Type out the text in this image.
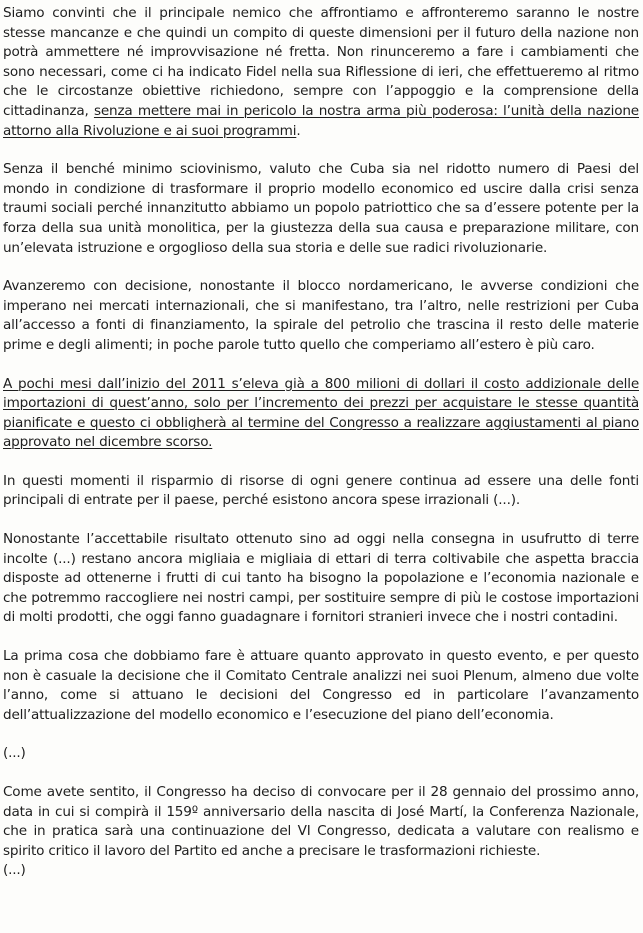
Siamo convinti che il principale nemico che affrontiamo e affronteremo saranno le nostre stesse mancanze e che quindi un compito di queste dimensioni per il futuro della nazione non potrà ammettere né improvvisazione né fretta. Non rinunceremo a fare i cambiamenti che sono necessari, come ci ha indicato Fidel nella sua Riflessione di ieri, che effettueremo al ritmo che le circostanze obiettive richiedono, sempre con l’appoggio e la comprensione della cittadinanza, senza mettere mai in pericolo la nostra arma più poderosa: l’unità della nazione attorno alla Rivoluzione e ai suoi programmi.

Senza il benché minimo sciovinismo, valuto che Cuba sia nel ridotto numero di Paesi del mondo in condizione di trasformare il proprio modello economico ed uscire dalla crisi senza traumi sociali perché innanzitutto abbiamo un popolo patriottico che sa d’essere potente per la forza della sua unità monolitica, per la giustezza della sua causa e preparazione militare, con un’elevata istruzione e orgoglioso della sua storia e delle sue radici rivoluzionarie.

Avanzeremo con decisione, nonostante il blocco nordamericano, le avverse condizioni che imperano nei mercati internazionali, che si manifestano, tra l’altro, nelle restrizioni per Cuba all’accesso a fonti di finanziamento, la spirale del petrolio che trascina il resto delle materie prime e degli alimenti; in poche parole tutto quello che comperiamo all’estero è più caro.

A pochi mesi dall’inizio del 2011 s’eleva già a 800 milioni di dollari il costo addizionale delle importazioni di quest’anno, solo per l’incremento dei prezzi per acquistare le stesse quantità pianificate e questo ci obbligherà al termine del Congresso a realizzare aggiustamenti al piano approvato nel dicembre scorso.

In questi momenti il risparmio di risorse di ogni genere continua ad essere una delle fonti principali di entrate per il paese, perché esistono ancora spese irrazionali (...).

Nonostante l’accettabile risultato ottenuto sino ad oggi nella consegna in usufrutto di terre incolte (...) restano ancora migliaia e migliaia di ettari di terra coltivabile che aspetta braccia disposte ad ottenerne i frutti di cui tanto ha bisogno la popolazione e l’economia nazionale e che potremmo raccogliere nei nostri campi, per sostituire sempre di più le costose importazioni di molti prodotti, che oggi fanno guadagnare i fornitori stranieri invece che i nostri contadini.

La prima cosa che dobbiamo fare è attuare quanto approvato in questo evento, e per questo non è casuale la decisione che il Comitato Centrale analizzi nei suoi Plenum, almeno due volte l’anno, come si attuano le decisioni del Congresso ed in particolare l’avanzamento dell’attualizzazione del modello economico e l’esecuzione del piano dell’economia.

(...)

Come avete sentito, il Congresso ha deciso di convocare per il 28 gennaio del prossimo anno, data in cui si compirà il 159º anniversario della nascita di José Martí, la Conferenza Nazionale, che in pratica sarà una continuazione del VI Congresso, dedicata a valutare con realismo e spirito critico il lavoro del Partito ed anche a precisare le trasformazioni richieste.

(...)
